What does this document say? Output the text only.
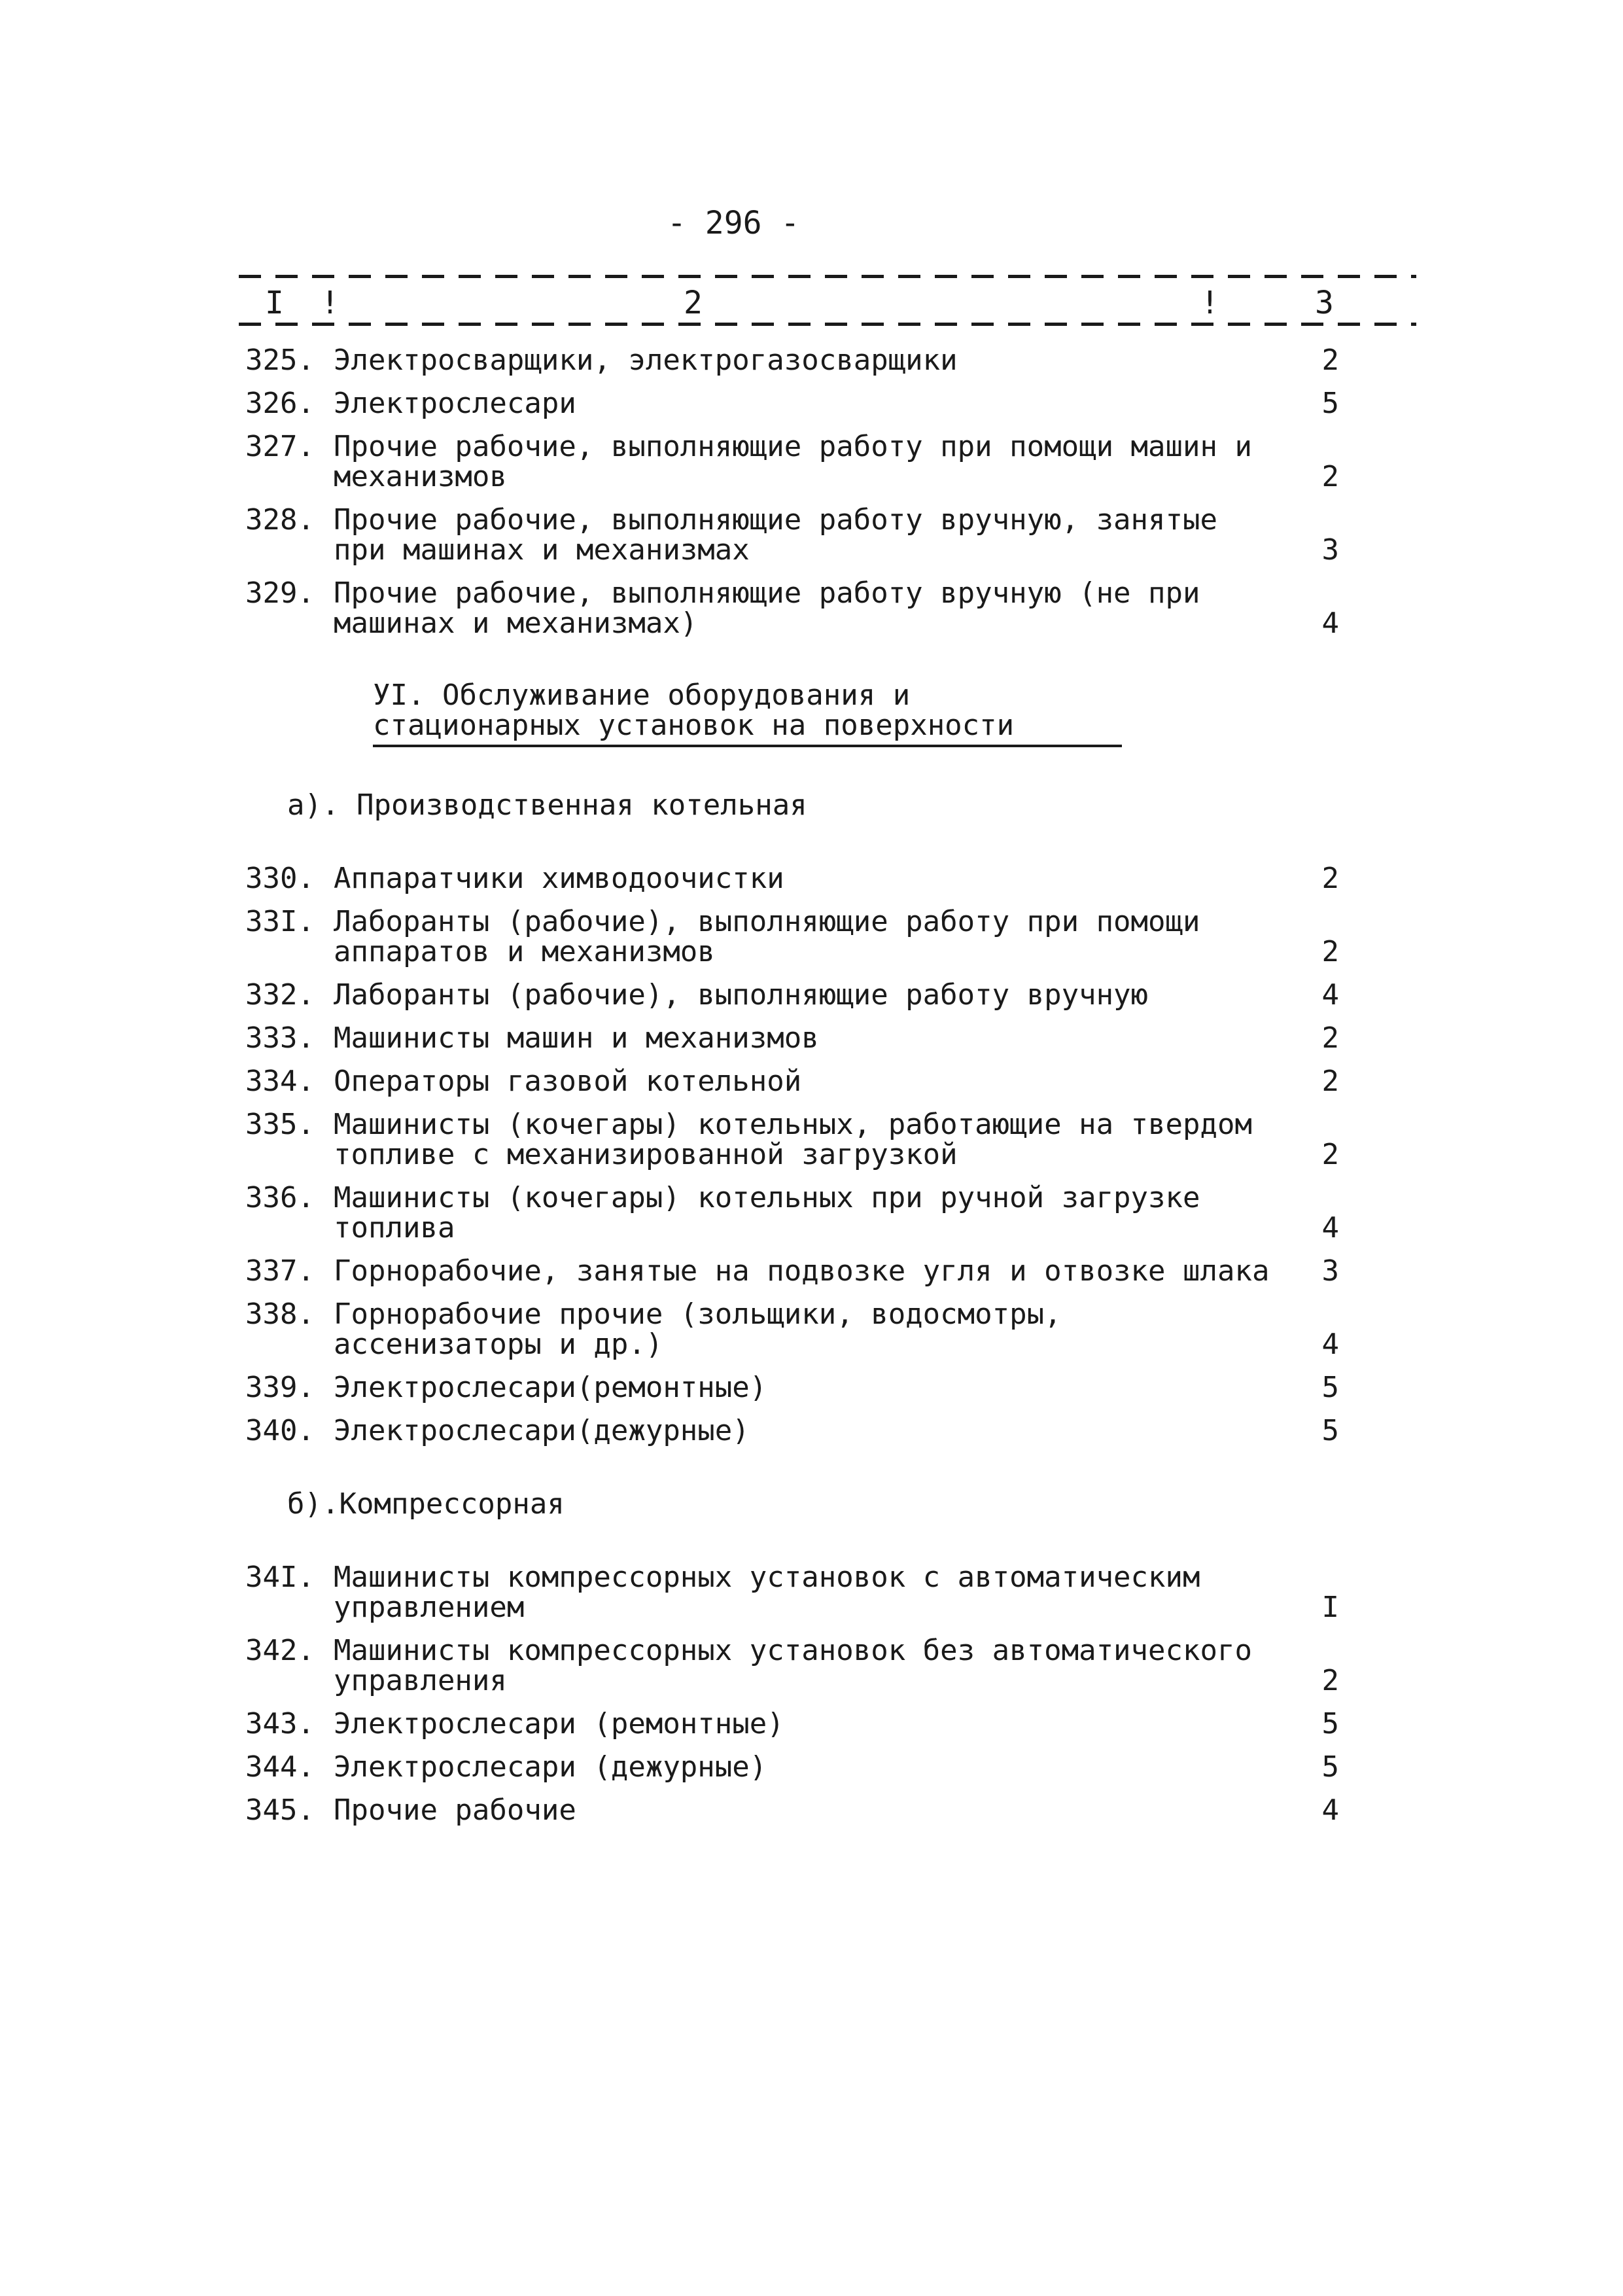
- 296 -
I !	2	!	3
325. Электросварщики, электрогазосварщики	2
326. Электрослесари	5
327. Прочие рабочие, выполняющие работу при помощи машин и механизмов	2
328. Прочие рабочие, выполняющие работу вручную, занятые при машинах и механизмах	3
329. Прочие рабочие, выполняющие работу вручную (не при машинах и механизмах)	4
УI. Обслуживание оборудования и стационарных установок на поверхности
а). Производственная котельная
330. Аппаратчики химводоочистки	2
33I. Лаборанты (рабочие), выполняющие работу при помощи аппаратов и механизмов	2
332. Лаборанты (рабочие), выполняющие работу вручную	4
333. Машинисты машин и механизмов	2
334. Операторы газовой котельной	2
335. Машинисты (кочегары) котельных, работающие на твердом топливе с механизированной загрузкой	2
336. Машинисты (кочегары) котельных при ручной загрузке топлива	4
337. Горнорабочие, занятые на подвозке угля и отвозке шлака	3
338. Горнорабочие прочие (зольщики, водосмотры, ассенизаторы и др.)	4
339. Электрослесари(ремонтные)	5
340. Электрослесари(дежурные)	5
б).Компрессорная
34I. Машинисты компрессорных установок с автоматическим управлением	I
342. Машинисты компрессорных установок без автоматического управления	2
343. Электрослесари (ремонтные)	5
344. Электрослесари (дежурные)	5
345. Прочие рабочие	4
